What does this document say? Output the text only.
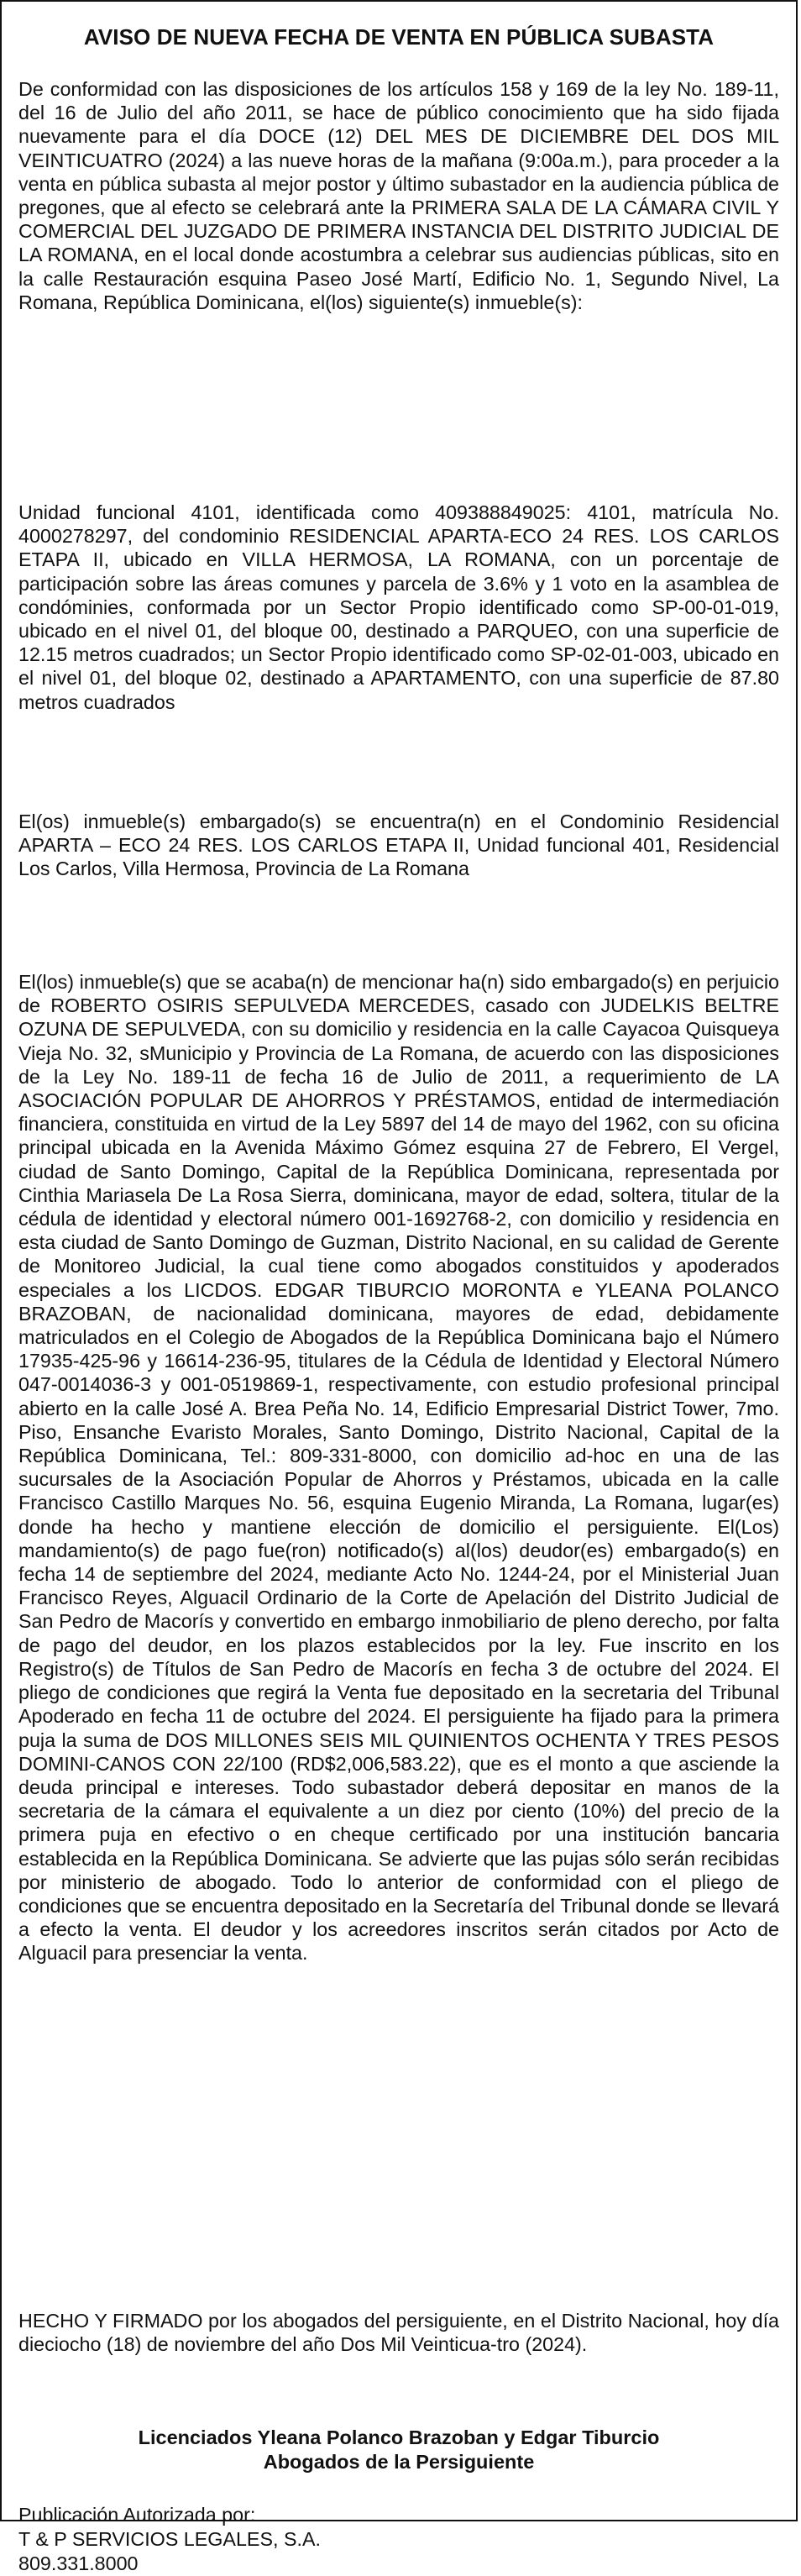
AVISO DE NUEVA FECHA DE VENTA EN PÚBLICA SUBASTA
De conformidad con las disposiciones de los artículos 158 y 169 de la ley No. 189-11, del 16 de Julio del año 2011, se hace de público conocimiento que ha sido fijada nuevamente para el día DOCE (12) DEL MES DE DICIEMBRE DEL DOS MIL VEINTICUATRO (2024) a las nueve horas de la mañana (9:00a.m.), para proceder a la venta en pública subasta al mejor postor y último subastador en la audiencia pública de pregones, que al efecto se celebrará ante la PRIMERA SALA DE LA CÁMARA CIVIL Y COMERCIAL DEL JUZGADO DE PRIMERA INSTANCIA DEL DISTRITO JUDICIAL DE LA ROMANA, en el local donde acostumbra a celebrar sus audiencias públicas, sito en la calle Restauración esquina Paseo José Martí, Edificio No. 1, Segundo Nivel, La Romana, República Dominicana, el(los) siguiente(s) inmueble(s):
Unidad funcional 4101, identificada como 409388849025: 4101, matrícula No. 4000278297, del condominio RESIDENCIAL APARTA-ECO 24 RES. LOS CARLOS ETAPA II, ubicado en VILLA HERMOSA, LA ROMANA, con un porcentaje de participación sobre las áreas comunes y parcela de 3.6% y 1 voto en la asamblea de condóminies, conformada por un Sector Propio identificado como SP-00-01-019, ubicado en el nivel 01, del bloque 00, destinado a PARQUEO, con una superficie de 12.15 metros cuadrados; un Sector Propio identificado como SP-02-01-003, ubicado en el nivel 01, del bloque 02, destinado a APARTAMENTO, con una superficie de 87.80 metros cuadrados
El(os) inmueble(s) embargado(s) se encuentra(n) en el Condominio Residencial APARTA – ECO 24 RES. LOS CARLOS ETAPA II, Unidad funcional 401, Residencial Los Carlos, Villa Hermosa, Provincia de La Romana
El(los) inmueble(s) que se acaba(n) de mencionar ha(n) sido embargado(s) en perjuicio de ROBERTO OSIRIS SEPULVEDA MERCEDES, casado con JUDELKIS BELTRE OZUNA DE SEPULVEDA, con su domicilio y residencia en la calle Cayacoa Quisqueya Vieja No. 32, sMunicipio y Provincia de La Romana, de acuerdo con las disposiciones de la Ley No. 189-11 de fecha 16 de Julio de 2011, a requerimiento de LA ASOCIACIÓN POPULAR DE AHORROS Y PRÉSTAMOS, entidad de intermediación financiera, constituida en virtud de la Ley 5897 del 14 de mayo del 1962, con su oficina principal ubicada en la Avenida Máximo Gómez esquina 27 de Febrero, El Vergel, ciudad de Santo Domingo, Capital de la República Dominicana, representada por Cinthia Mariasela De La Rosa Sierra, dominicana, mayor de edad, soltera, titular de la cédula de identidad y electoral número 001-1692768-2, con domicilio y residencia en esta ciudad de Santo Domingo de Guzman, Distrito Nacional, en su calidad de Gerente de Monitoreo Judicial, la cual tiene como abogados constituidos y apoderados especiales a los LICDOS. EDGAR TIBURCIO MORONTA e YLEANA POLANCO BRAZOBAN, de nacionalidad dominicana, mayores de edad, debidamente matriculados en el Colegio de Abogados de la República Dominicana bajo el Número 17935-425-96 y 16614-236-95, titulares de la Cédula de Identidad y Electoral Número 047-0014036-3 y 001-0519869-1, respectivamente, con estudio profesional principal abierto en la calle José A. Brea Peña No. 14, Edificio Empresarial District Tower, 7mo. Piso, Ensanche Evaristo Morales, Santo Domingo, Distrito Nacional, Capital de la República Dominicana, Tel.: 809-331-8000, con domicilio ad-hoc en una de las sucursales de la Asociación Popular de Ahorros y Préstamos, ubicada en la calle Francisco Castillo Marques No. 56, esquina Eugenio Miranda, La Romana, lugar(es) donde ha hecho y mantiene elección de domicilio el persiguiente. El(Los) mandamiento(s) de pago fue(ron) notificado(s) al(los) deudor(es) embargado(s) en fecha 14 de septiembre del 2024, mediante Acto No. 1244-24, por el Ministerial Juan Francisco Reyes, Alguacil Ordinario de la Corte de Apelación del Distrito Judicial de San Pedro de Macorís y convertido en embargo inmobiliario de pleno derecho, por falta de pago del deudor, en los plazos establecidos por la ley. Fue inscrito en los Registro(s) de Títulos de San Pedro de Macorís en fecha 3 de octubre del 2024. El pliego de condiciones que regirá la Venta fue depositado en la secretaria del Tribunal Apoderado en fecha 11 de octubre del 2024. El persiguiente ha fijado para la primera puja la suma de DOS MILLONES SEIS MIL QUINIENTOS OCHENTA Y TRES PESOS DOMINI-CANOS CON 22/100 (RD$2,006,583.22), que es el monto a que asciende la deuda principal e intereses. Todo subastador deberá depositar en manos de la secretaria de la cámara el equivalente a un diez por ciento (10%) del precio de la primera puja en efectivo o en cheque certificado por una institución bancaria establecida en la República Dominicana. Se advierte que las pujas sólo serán recibidas por ministerio de abogado. Todo lo anterior de conformidad con el pliego de condiciones que se encuentra depositado en la Secretaría del Tribunal donde se llevará a efecto la venta. El deudor y los acreedores inscritos serán citados por Acto de Alguacil para presenciar la venta.
HECHO Y FIRMADO por los abogados del persiguiente, en el Distrito Nacional, hoy día dieciocho (18) de noviembre del año Dos Mil Veinticua-tro (2024).
Licenciados Yleana Polanco Brazoban y Edgar Tiburcio
Abogados de la Persiguiente
Publicación Autorizada por:
T & P SERVICIOS LEGALES, S.A.
809.331.8000
